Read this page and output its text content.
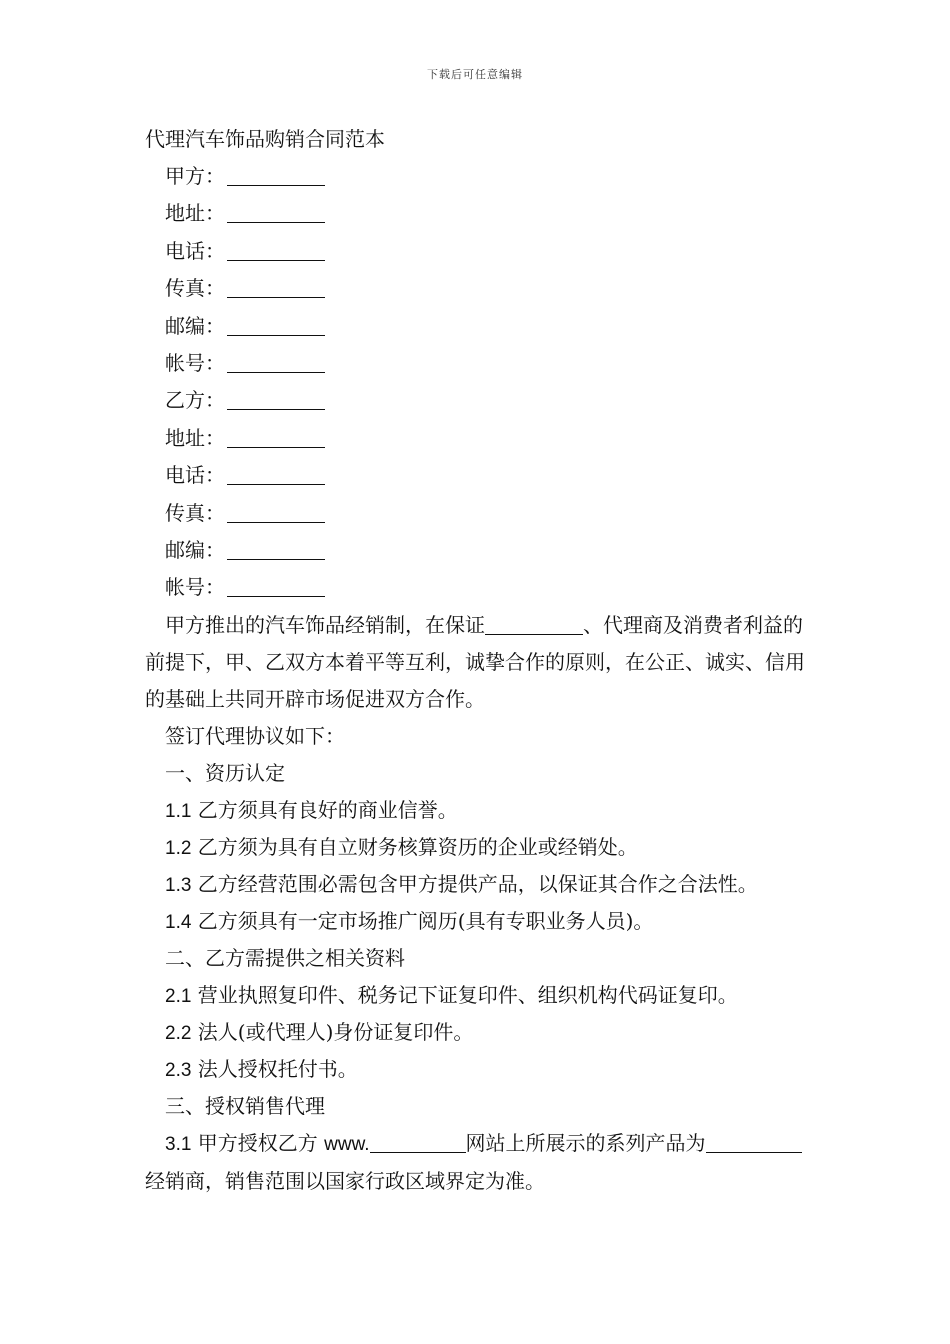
下载后可任意编辑
代理汽车饰品购销合同范本
甲方：
地址：
电话：
传真：
邮编：
帐号：
乙方：
地址：
电话：
传真：
邮编：
帐号：

甲方推出的汽车饰品经销制，在保证	、代理商及消费者利益的前提下，甲、乙双方本着平等互利，诚挚合作的原则，在公正、诚实、信用的基础上共同开辟市场促进双方合作。

签订代理协议如下：
一、资历认定
1.1 乙方须具有良好的商业信誉。
1.2 乙方须为具有自立财务核算资历的企业或经销处。
1.3 乙方经营范围必需包含甲方提供产品，以保证其合作之合法性。
1.4 乙方须具有一定市场推广阅历(具有专职业务人员)。
二、乙方需提供之相关资料
2.1 营业执照复印件、税务记下证复印件、组织机构代码证复印。
2.2 法人(或代理人)身份证复印件。
2.3 法人授权托付书。
三、授权销售代理

3.1 甲方授权乙方 www.	网站上所展示的系列产品为经销商，销售范围以国家行政区域界定为准。
